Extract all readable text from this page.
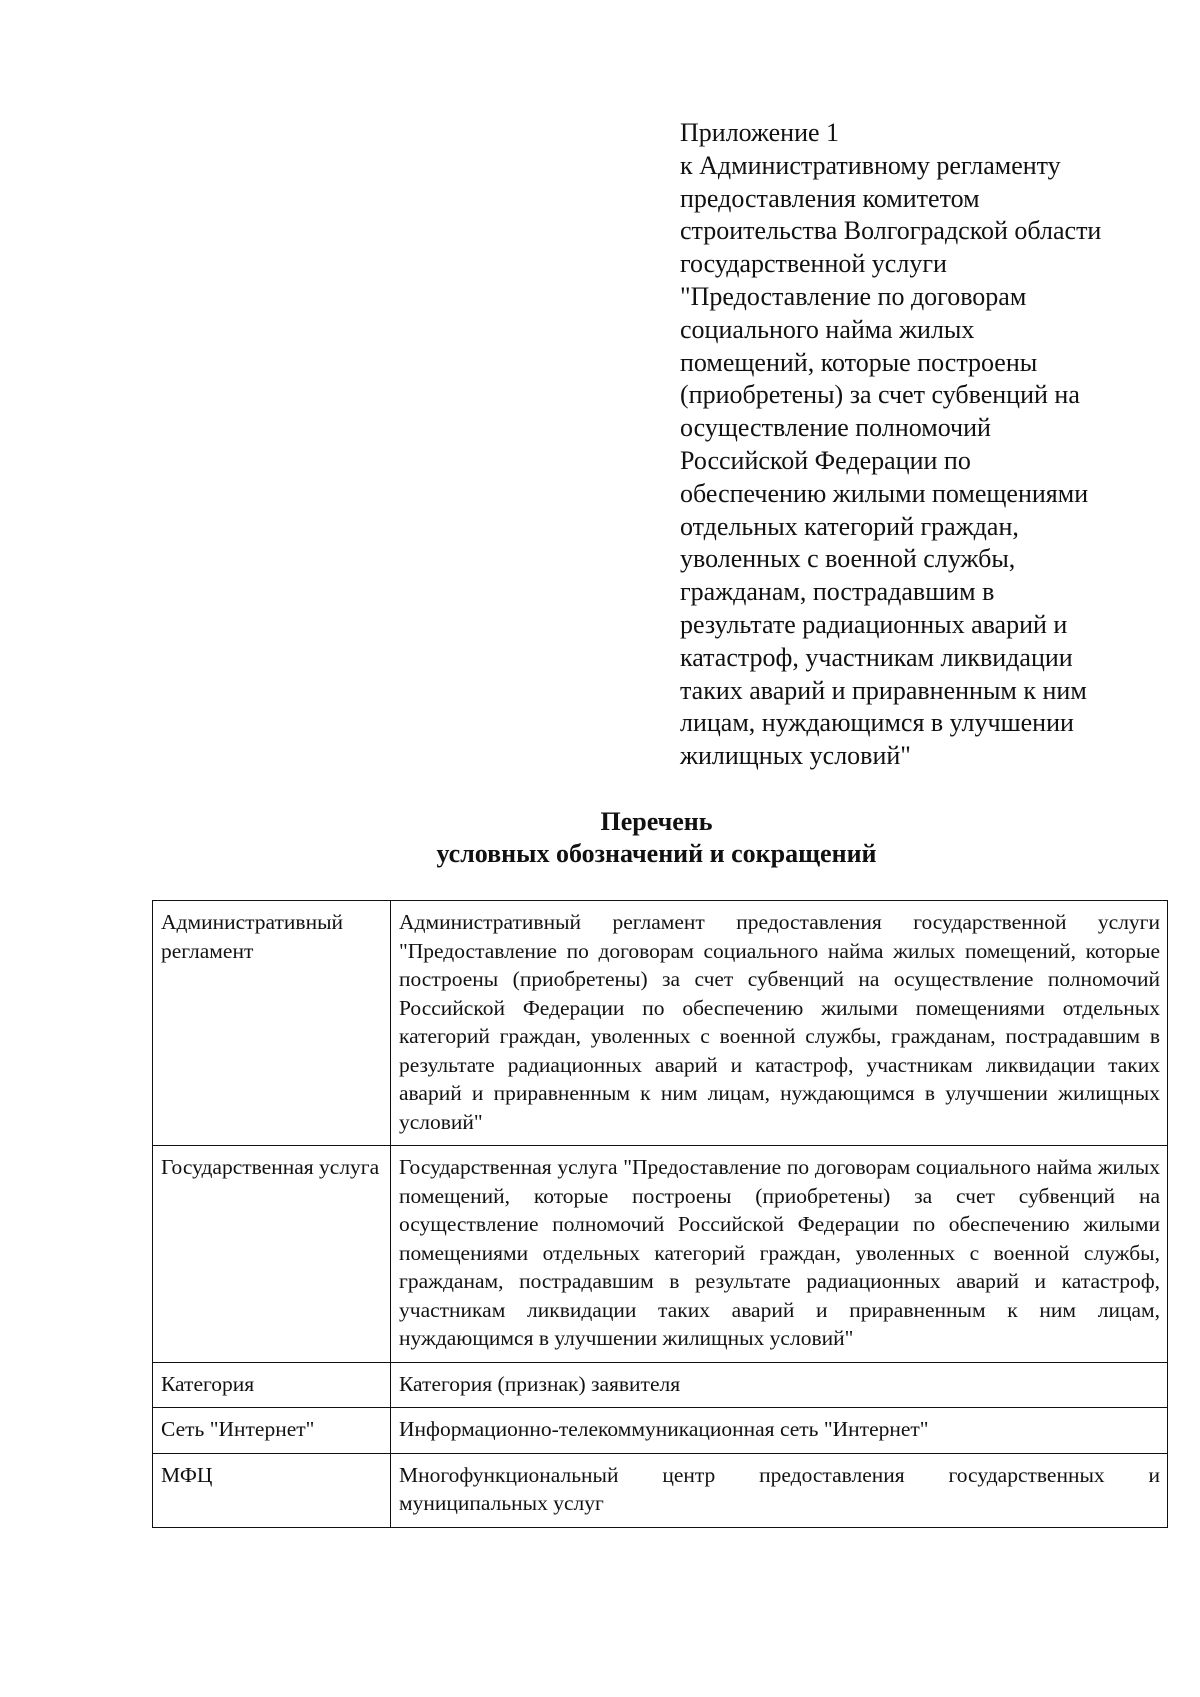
Приложение 1
к Административному регламенту
предоставления комитетом
строительства Волгоградской области
государственной услуги
"Предоставление по договорам
социального найма жилых
помещений, которые построены
(приобретены) за счет субвенций на
осуществление полномочий
Российской Федерации по
обеспечению жилыми помещениями
отдельных категорий граждан,
уволенных с военной службы,
гражданам, пострадавшим в
результате радиационных аварий и
катастроф, участникам ликвидации
таких аварий и приравненным к ним
лицам, нуждающимся в улучшении
жилищных условий"
Перечень
условных обозначений и сокращений
Административный регламент	Административный регламент предоставления государственной услуги "Предоставление по договорам социального найма жилых помещений, которые построены (приобретены) за счет субвенций на осуществление полномочий Российской Федерации по обеспечению жилыми помещениями отдельных категорий граждан, уволенных с военной службы, гражданам, пострадавшим в результате радиационных аварий и катастроф, участникам ликвидации таких аварий и приравненным к ним лицам, нуждающимся в улучшении жилищных условий"
Государственная услуга	Государственная услуга "Предоставление по договорам социального найма жилых помещений, которые построены (приобретены) за счет субвенций на осуществление полномочий Российской Федерации по обеспечению жилыми помещениями отдельных категорий граждан, уволенных с военной службы, гражданам, пострадавшим в результате радиационных аварий и катастроф, участникам ликвидации таких аварий и приравненным к ним лицам, нуждающимся в улучшении жилищных условий"
Категория	Категория (признак) заявителя
Сеть "Интернет"	Информационно-телекоммуникационная сеть "Интернет"
МФЦ	Многофункциональный центр предоставления государственных и муниципальных услуг
